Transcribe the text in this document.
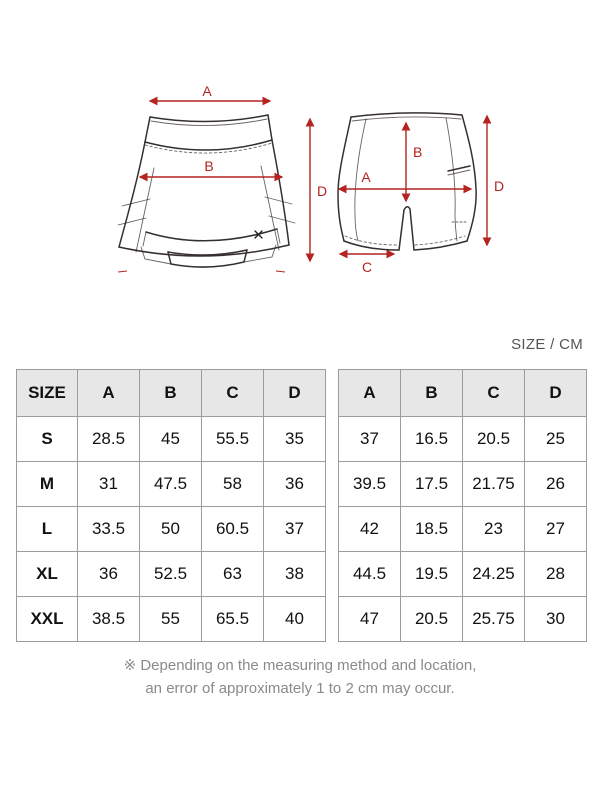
A
B
D
A
B
C
D
SIZE / CM
SIZE	A	B	C	D
S	28.5	45	55.5	35
M	31	47.5	58	36
L	33.5	50	60.5	37
XL	36	52.5	63	38
XXL	38.5	55	65.5	40
A	B	C	D
37	16.5	20.5	25
39.5	17.5	21.75	26
42	18.5	23	27
44.5	19.5	24.25	28
47	20.5	25.75	30
※ Depending on the measuring method and location,
an error of approximately 1 to 2 cm may occur.
